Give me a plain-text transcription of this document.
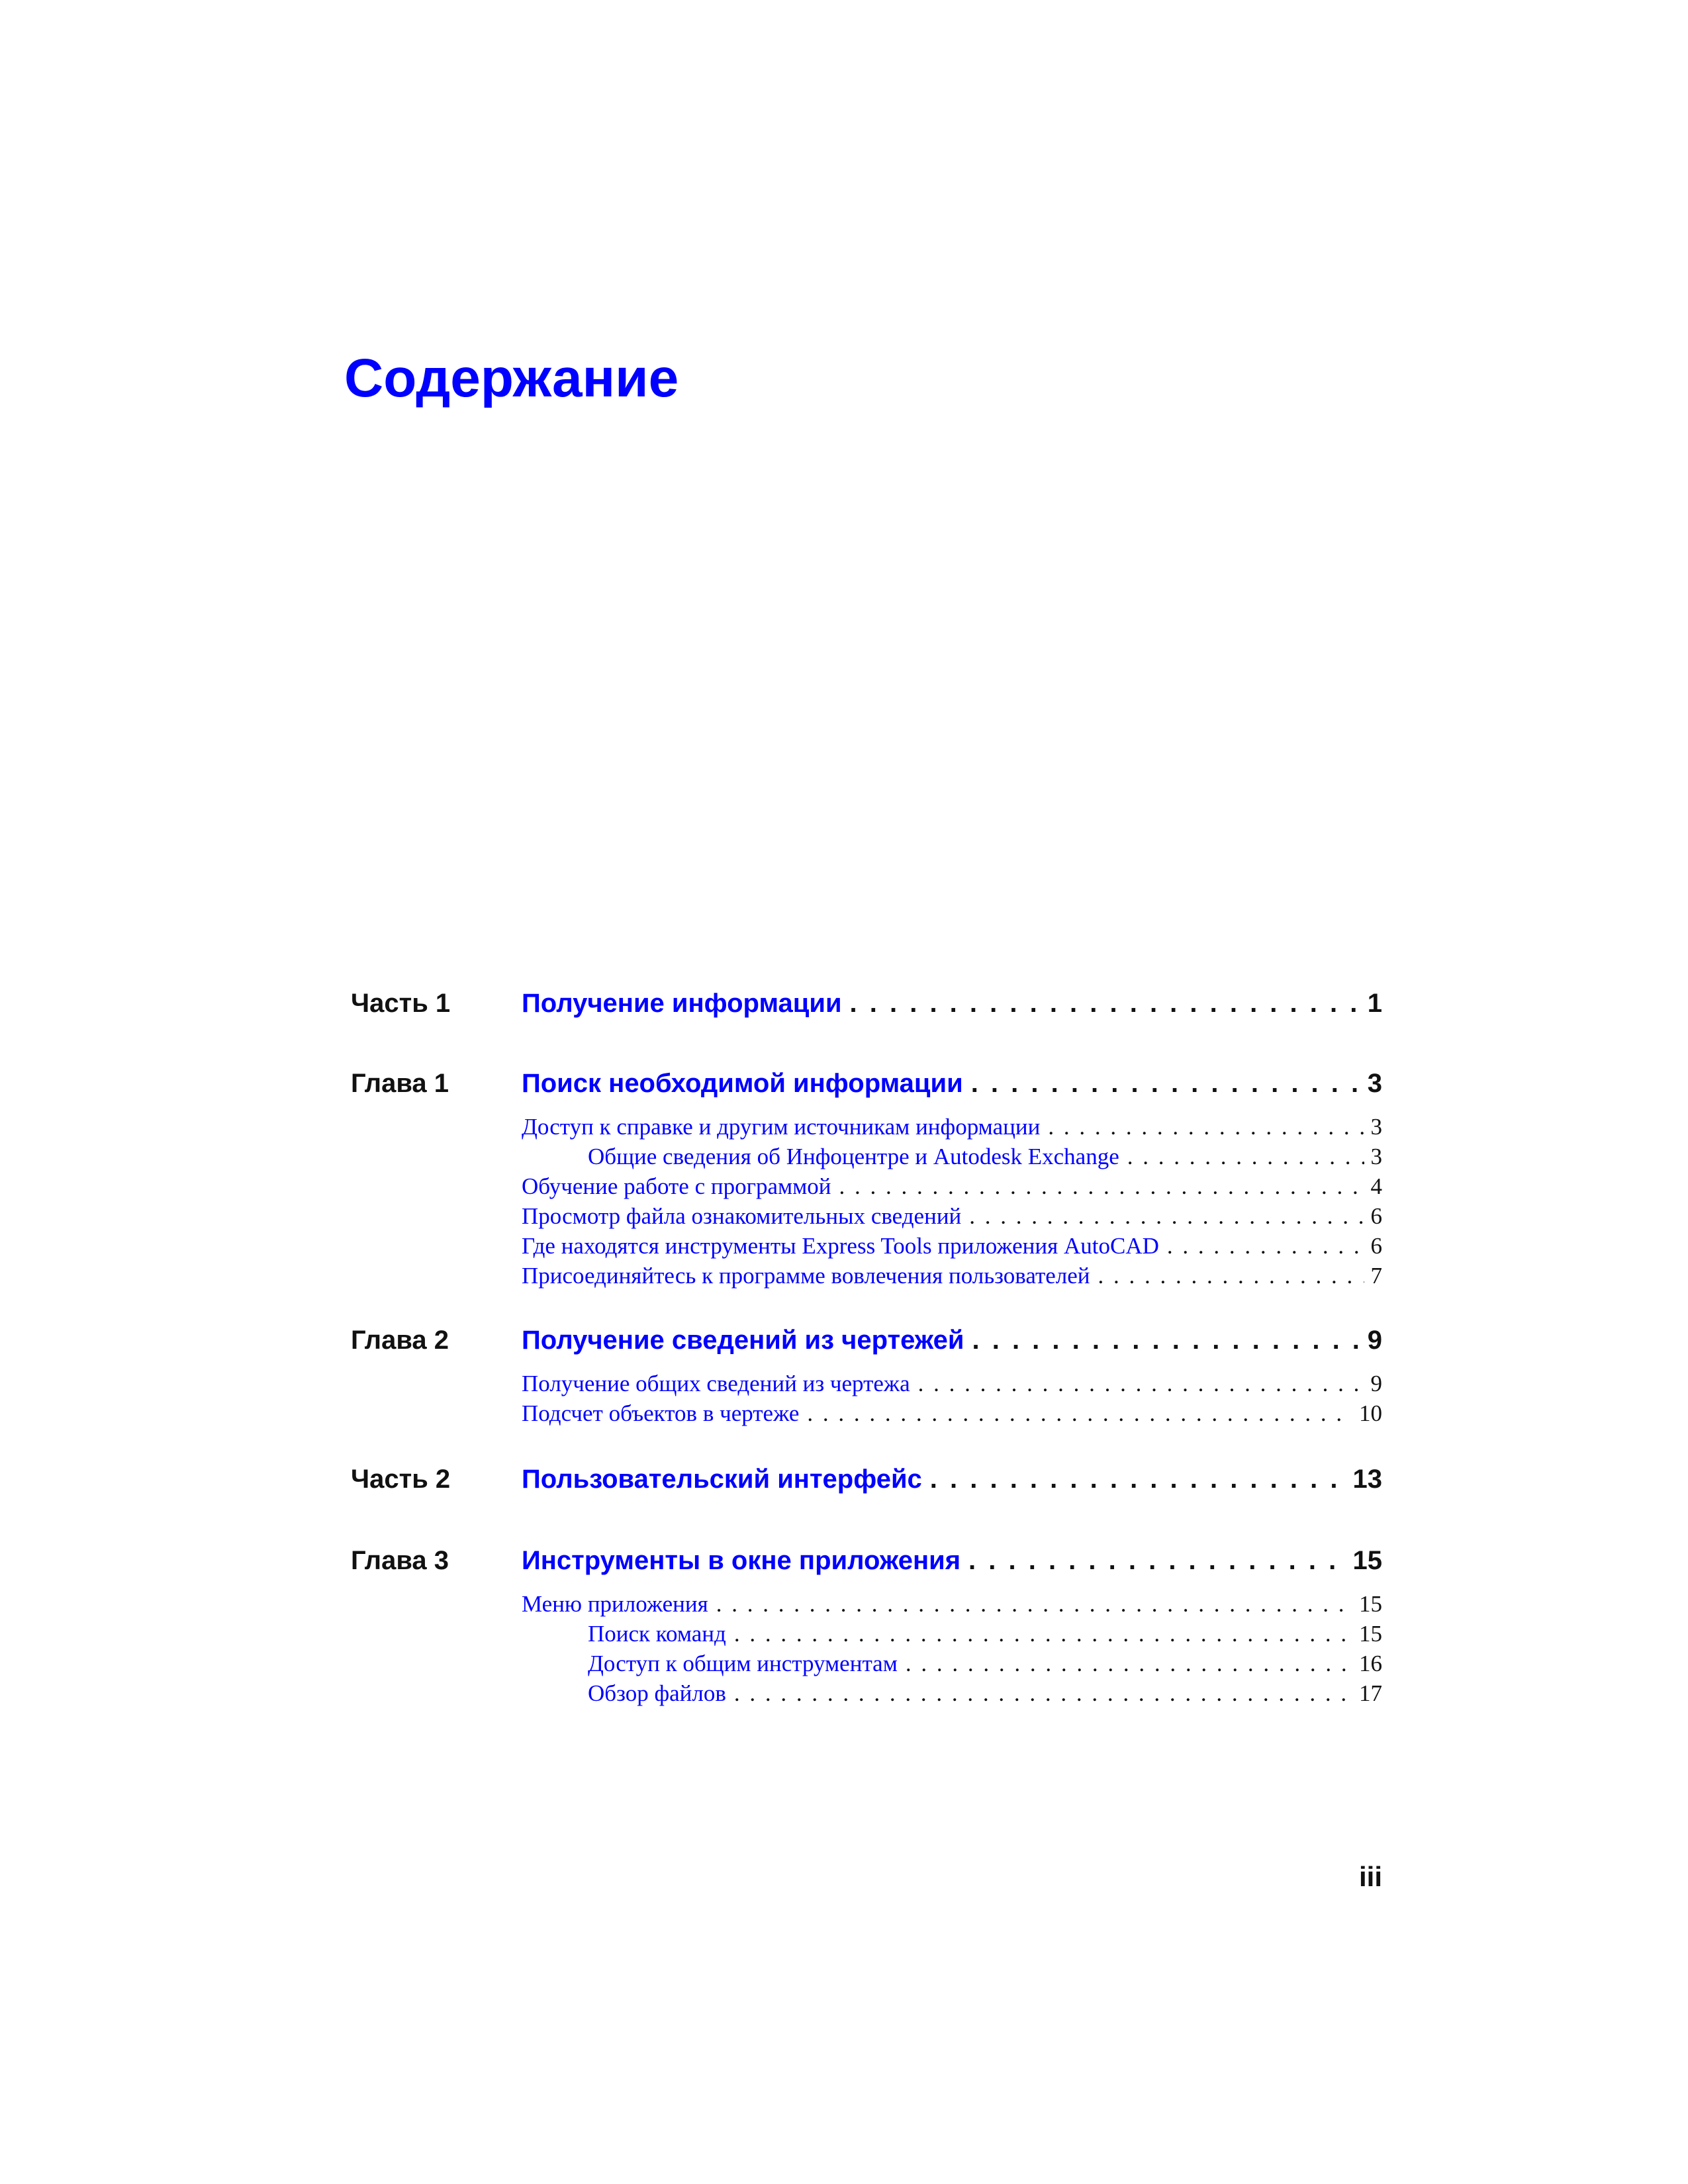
Содержание
Часть 1	Получение информации . . .	1
Глава 1	Поиск необходимой информации . . .	3
Доступ к справке и другим источникам информации . . .	3
Общие сведения об Инфоцентре и Autodesk Exchange . . .	3
Обучение работе с программой . . .	4
Просмотр файла ознакомительных сведений . . .	6
Где находятся инструменты Express Tools приложения AutoCAD . . .	6
Присоединяйтесь к программе вовлечения пользователей . . .	7
Глава 2	Получение сведений из чертежей . . .	9
Получение общих сведений из чертежа . . .	9
Подсчет объектов в чертеже . . .	10
Часть 2	Пользовательский интерфейс . . .	13
Глава 3	Инструменты в окне приложения . . .	15
Меню приложения . . .	15
Поиск команд . . .	15
Доступ к общим инструментам . . .	16
Обзор файлов . . .	17
iii
